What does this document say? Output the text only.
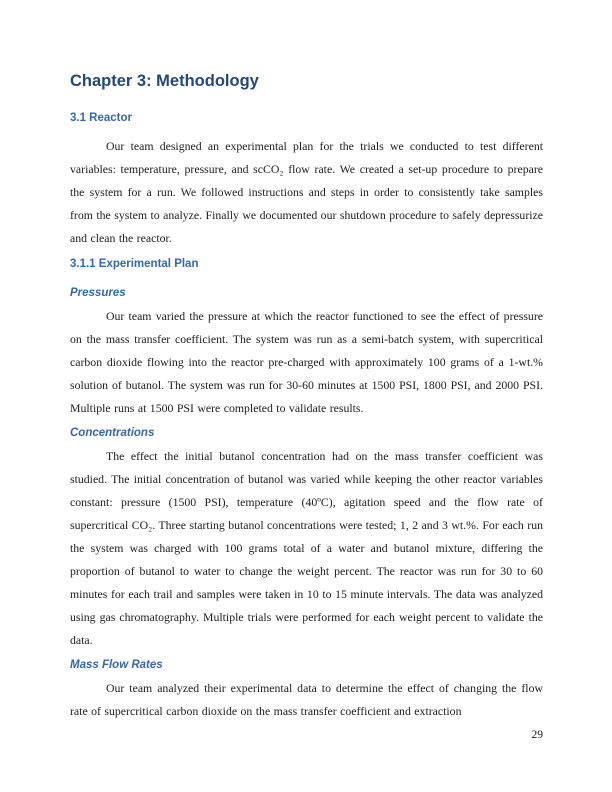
Chapter 3: Methodology
3.1 Reactor

Our team designed an experimental plan for the trials we conducted to test different variables: temperature, pressure, and scCO₂ flow rate. We created a set-up procedure to prepare the system for a run. We followed instructions and steps in order to consistently take samples from the system to analyze. Finally we documented our shutdown procedure to safely depressurize and clean the reactor.

3.1.1 Experimental Plan
Pressures

Our team varied the pressure at which the reactor functioned to see the effect of pressure on the mass transfer coefficient. The system was run as a semi-batch system, with supercritical carbon dioxide flowing into the reactor pre-charged with approximately 100 grams of a 1-wt.% solution of butanol. The system was run for 30-60 minutes at 1500 PSI, 1800 PSI, and 2000 PSI. Multiple runs at 1500 PSI were completed to validate results.

Concentrations

The effect the initial butanol concentration had on the mass transfer coefficient was studied. The initial concentration of butanol was varied while keeping the other reactor variables constant: pressure (1500 PSI), temperature (40ºC), agitation speed and the flow rate of supercritical CO₂. Three starting butanol concentrations were tested; 1, 2 and 3 wt.%. For each run the system was charged with 100 grams total of a water and butanol mixture, differing the proportion of butanol to water to change the weight percent. The reactor was run for 30 to 60 minutes for each trail and samples were taken in 10 to 15 minute intervals. The data was analyzed using gas chromatography. Multiple trials were performed for each weight percent to validate the data.

Mass Flow Rates

Our team analyzed their experimental data to determine the effect of changing the flow rate of supercritical carbon dioxide on the mass transfer coefficient and extraction

29
